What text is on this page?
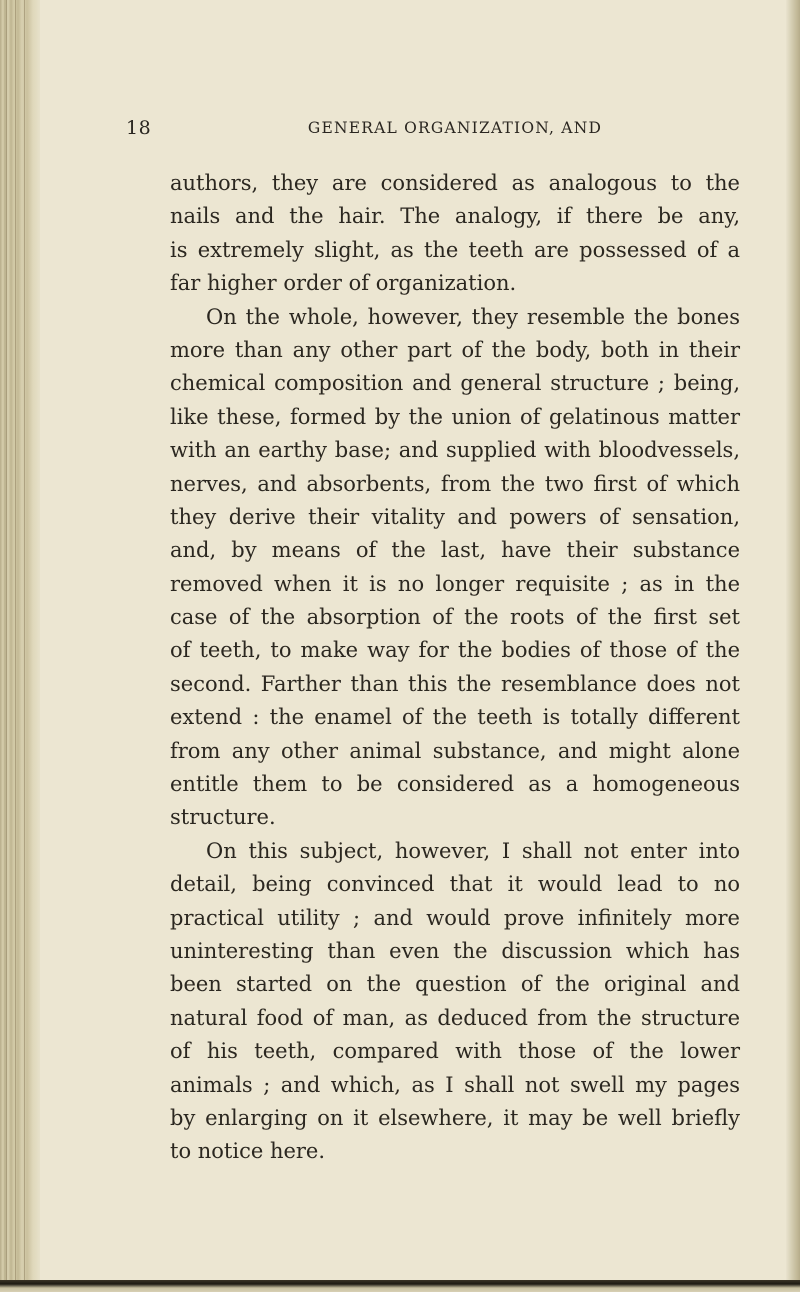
18	GENERAL ORGANIZATION, AND
authors, they are considered as analogous to the
nails and the hair. The analogy, if there be any,
is extremely slight, as the teeth are possessed of a
far higher order of organization.
On the whole, however, they resemble the bones
more than any other part of the body, both in their
chemical composition and general structure ; being,
like these, formed by the union of gelatinous matter
with an earthy base; and supplied with bloodvessels,
nerves, and absorbents, from the two first of which
they derive their vitality and powers of sensation,
and, by means of the last, have their substance
removed when it is no longer requisite ; as in the
case of the absorption of the roots of the first set
of teeth, to make way for the bodies of those of the
second. Farther than this the resemblance does not
extend : the enamel of the teeth is totally different
from any other animal substance, and might alone
entitle them to be considered as a homogeneous
structure.
On this subject, however, I shall not enter into
detail, being convinced that it would lead to no
practical utility ; and would prove infinitely more
uninteresting than even the discussion which has
been started on the question of the original and
natural food of man, as deduced from the structure
of his teeth, compared with those of the lower
animals ; and which, as I shall not swell my pages
by enlarging on it elsewhere, it may be well briefly
to notice here.
